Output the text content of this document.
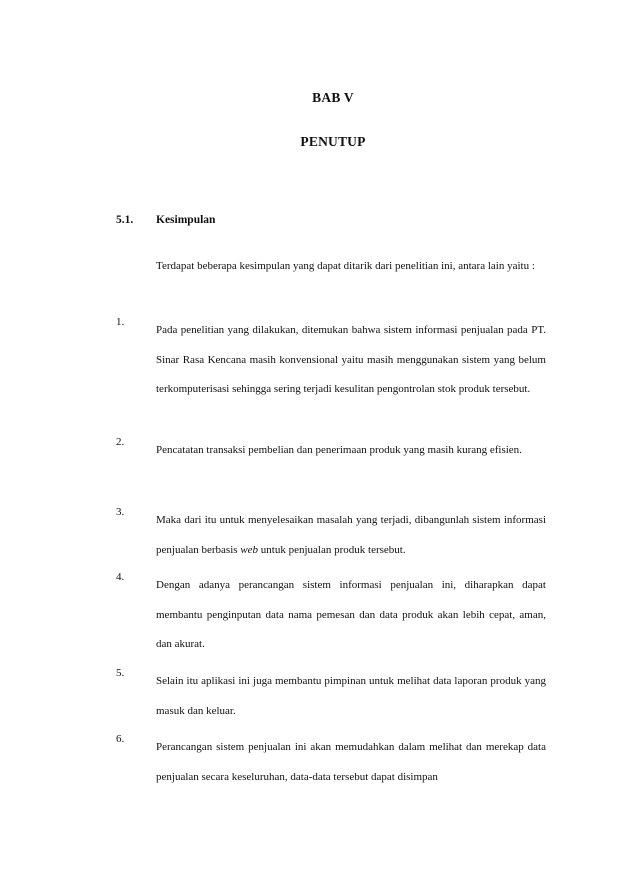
BAB V
PENUTUP
5.1. Kesimpulan
Terdapat beberapa kesimpulan yang dapat ditarik dari penelitian ini, antara lain yaitu :
1.
Pada penelitian yang dilakukan, ditemukan bahwa sistem informasi penjualan pada PT. Sinar Rasa Kencana masih konvensional yaitu masih menggunakan sistem yang belum terkomputerisasi sehingga sering terjadi kesulitan pengontrolan stok produk tersebut.
2.
Pencatatan transaksi pembelian dan penerimaan produk yang masih kurang efisien.
3.
Maka dari itu untuk menyelesaikan masalah yang terjadi, dibangunlah sistem informasi penjualan berbasis web untuk penjualan produk tersebut.
4.
Dengan adanya perancangan sistem informasi penjualan ini, diharapkan dapat membantu penginputan data nama pemesan dan data produk akan lebih cepat, aman, dan akurat.
5.
Selain itu aplikasi ini juga membantu pimpinan untuk melihat data laporan produk yang masuk dan keluar.
6.
Perancangan sistem penjualan ini akan memudahkan dalam melihat dan merekap data penjualan secara keseluruhan, data-data tersebut dapat disimpan
